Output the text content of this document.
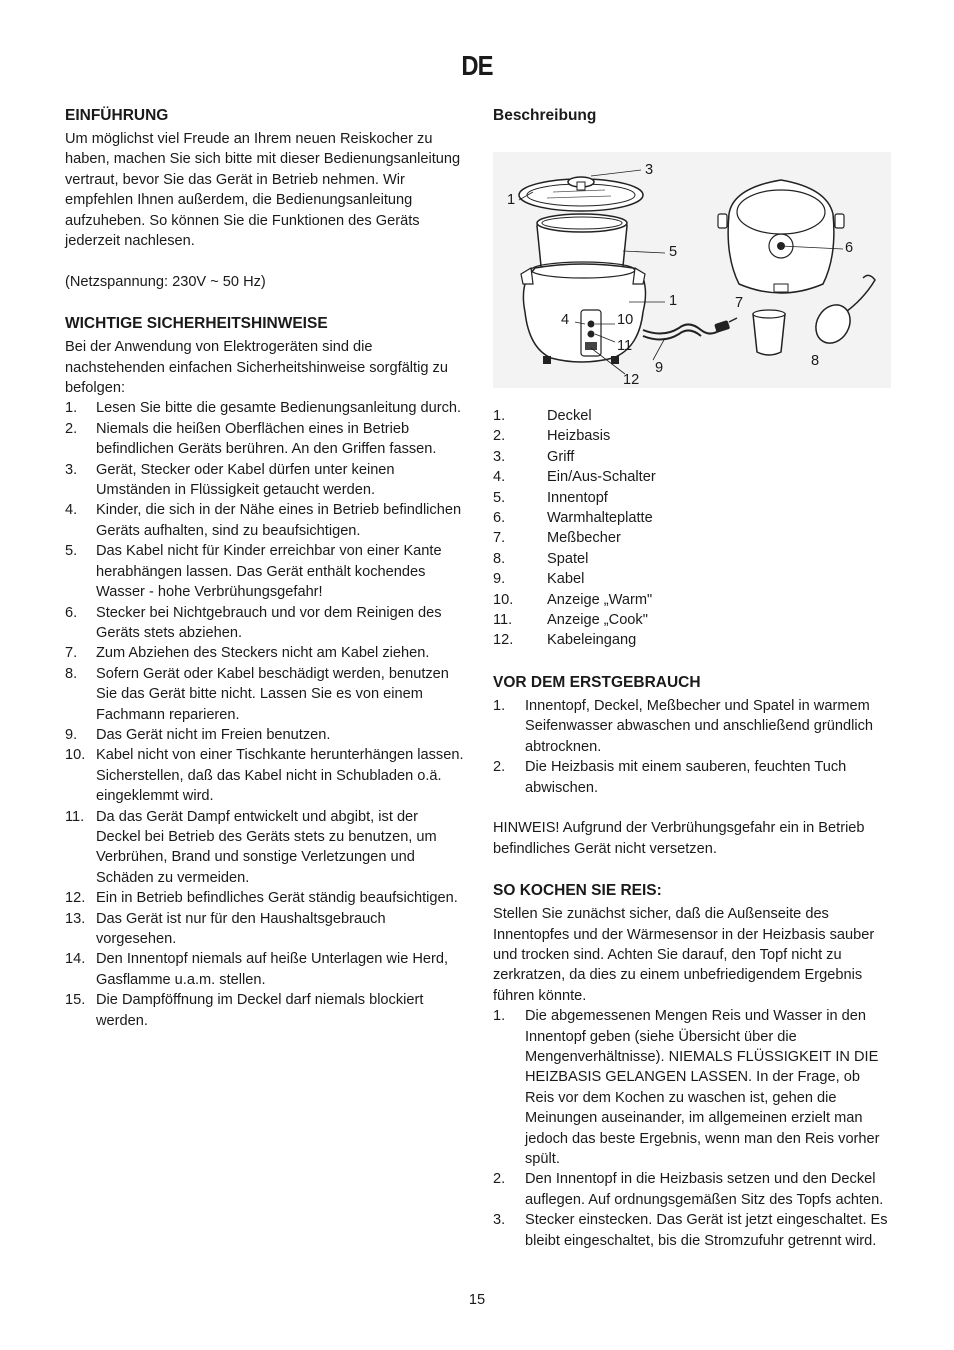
DE
EINFÜHRUNG

Um möglichst viel Freude an Ihrem neuen Reiskocher zu haben, machen Sie sich bitte mit dieser Bedienungsanleitung vertraut, bevor Sie das Gerät in Betrieb nehmen. Wir empfehlen Ihnen außerdem, die Bedienungsanleitung aufzuheben. So können Sie die Funktionen des Geräts jederzeit nachlesen.

(Netzspannung: 230V ~ 50 Hz)

WICHTIGE SICHERHEITSHINWEISE

Bei der Anwendung von Elektrogeräten sind die nachstehenden einfachen Sicherheitshinweise sorgfältig zu befolgen:

1.	Lesen Sie bitte die gesamte Bedienungsanleitung durch.
2.	Niemals die heißen Oberflächen eines in Betrieb befindlichen Geräts berühren. An den Griffen fassen.
3.	Gerät, Stecker oder Kabel dürfen unter keinen Umständen in Flüssigkeit getaucht werden.
4.	Kinder, die sich in der Nähe eines in Betrieb befindlichen Geräts aufhalten, sind zu beaufsichtigen.
5.	Das Kabel nicht für Kinder erreichbar von einer Kante herabhängen lassen. Das Gerät enthält kochendes Wasser - hohe Verbrühungsgefahr!
6.	Stecker bei Nichtgebrauch und vor dem Reinigen des Geräts stets abziehen.
7.	Zum Abziehen des Steckers nicht am Kabel ziehen.
8.	Sofern Gerät oder Kabel beschädigt werden, benutzen Sie das Gerät bitte nicht. Lassen Sie es von einem Fachmann reparieren.
9.	Das Gerät nicht im Freien benutzen.
10. Kabel nicht von einer Tischkante herunterhängen lassen. Sicherstellen, daß das Kabel nicht in Schubladen o.ä. eingeklemmt wird.
11. Da das Gerät Dampf entwickelt und abgibt, ist der Deckel bei Betrieb des Geräts stets zu benutzen, um Verbrühen, Brand und sonstige Verletzungen und Schäden zu vermeiden.
12. Ein in Betrieb befindliches Gerät ständig beaufsichtigen.
13. Das Gerät ist nur für den Haushaltsgebrauch vorgesehen.
14. Den Innentopf niemals auf heiße Unterlagen wie Herd, Gasflamme u.a.m. stellen.
15. Die Dampföffnung im Deckel darf niemals blockiert werden.
Beschreibung
3
1
5	6
1	7
4	10
11
9
12
8
1.	Deckel
2.	Heizbasis
3.	Griff
4.	Ein/Aus-Schalter
5.	Innentopf
6.	Warmhalteplatte
7.	Meßbecher
8.	Spatel
9.	Kabel
10.	Anzeige „Warm"
11.	Anzeige „Cook"
12.	Kabeleingang
VOR DEM ERSTGEBRAUCH
1.	Innentopf, Deckel, Meßbecher und Spatel in warmem Seifenwasser abwaschen und anschließend gründlich abtrocknen.
2.	Die Heizbasis mit einem sauberen, feuchten Tuch abwischen.

HINWEIS! Aufgrund der Verbrühungsgefahr ein in Betrieb befindliches Gerät nicht versetzen.

SO KOCHEN SIE REIS:

Stellen Sie zunächst sicher, daß die Außenseite des Innentopfes und der Wärmesensor in der Heizbasis sauber und trocken sind. Achten Sie darauf, den Topf nicht zu zerkratzen, da dies zu einem unbefriedigendem Ergebnis führen könnte.

1.	Die abgemessenen Mengen Reis und Wasser in den Innentopf geben (siehe Übersicht über die Mengenverhältnisse). NIEMALS FLÜSSIGKEIT IN DIE HEIZBASIS GELANGEN LASSEN. In der Frage, ob Reis vor dem Kochen zu waschen ist, gehen die Meinungen auseinander, im allgemeinen erzielt man jedoch das beste Ergebnis, wenn man den Reis vorher spült.
2.	Den Innentopf in die Heizbasis setzen und den Deckel auflegen. Auf ordnungsgemäßen Sitz des Topfs achten.
3.	Stecker einstecken. Das Gerät ist jetzt eingeschaltet. Es bleibt eingeschaltet, bis die Stromzufuhr getrennt wird.
15
